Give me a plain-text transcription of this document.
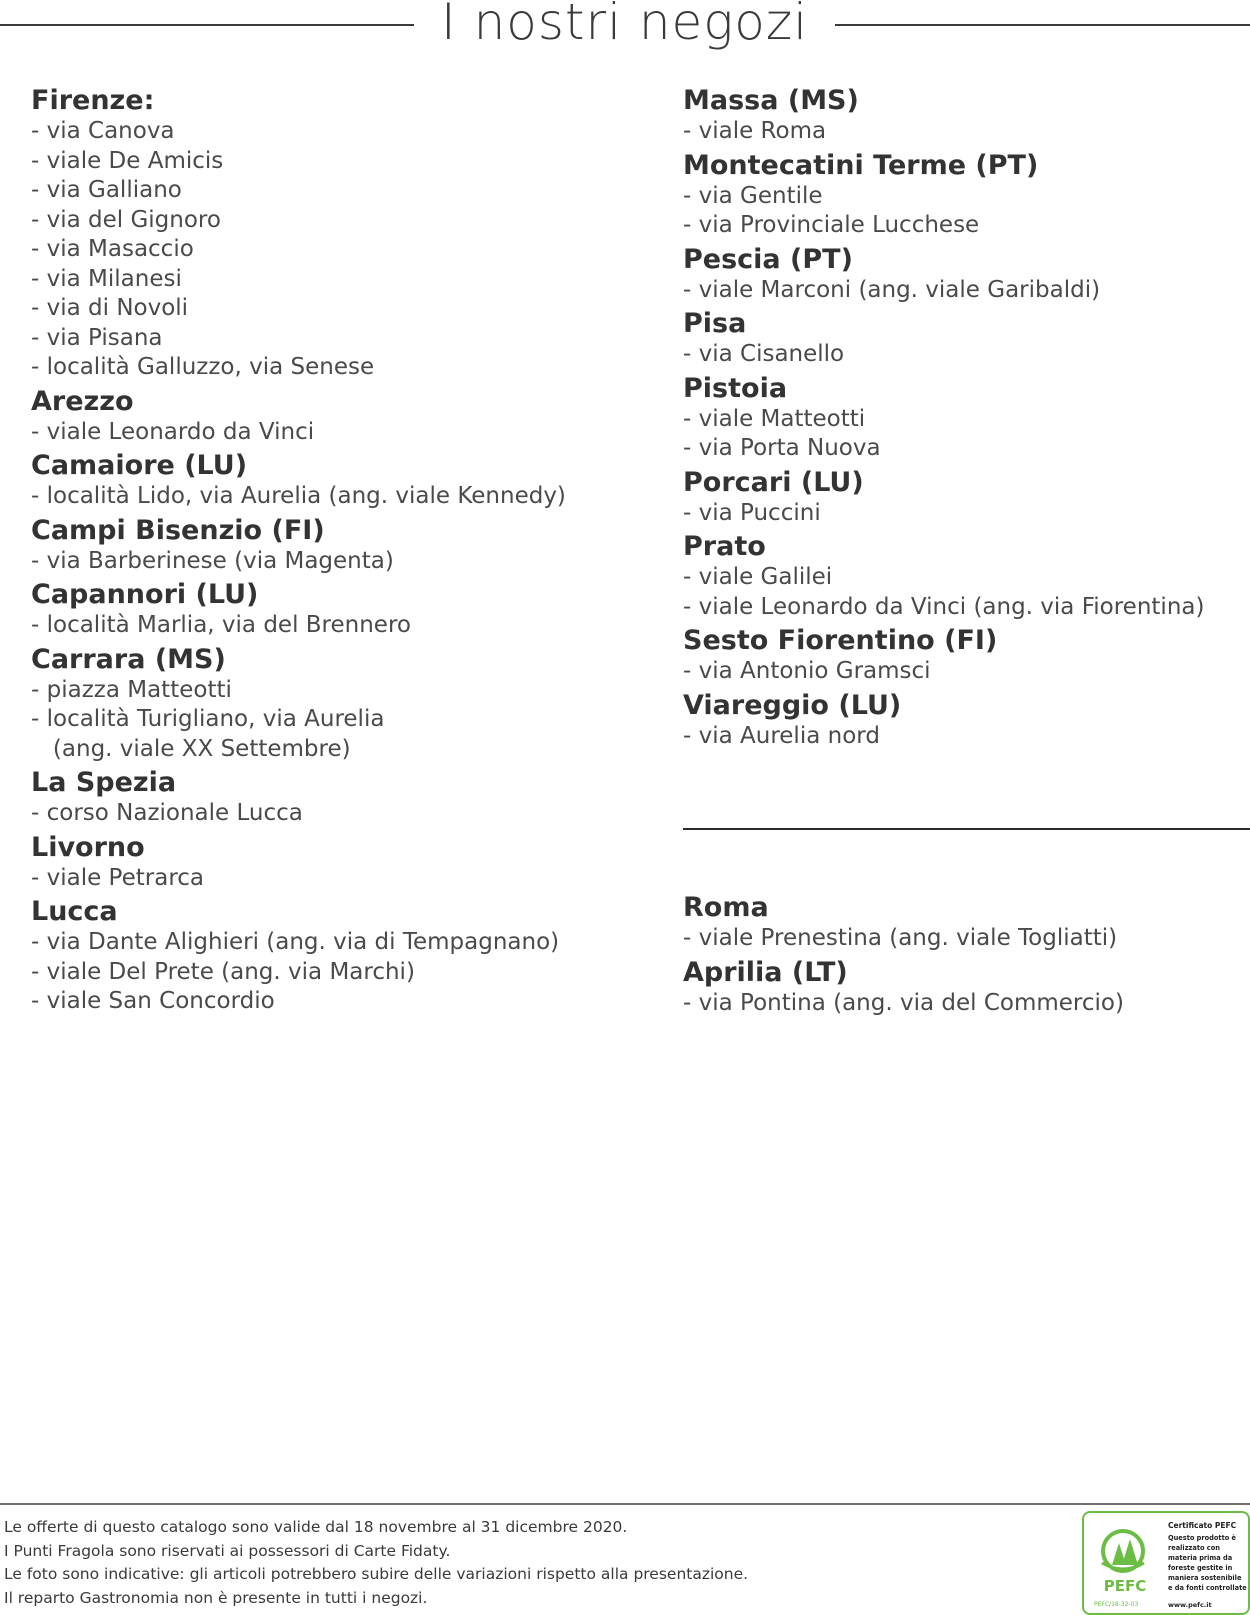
I nostri negozi
Firenze:
- via Canova
- viale De Amicis
- via Galliano
- via del Gignoro
- via Masaccio
- via Milanesi
- via di Novoli
- via Pisana
- località Galluzzo, via Senese
Arezzo
- viale Leonardo da Vinci
Camaiore (LU)
- località Lido, via Aurelia (ang. viale Kennedy)
Campi Bisenzio (FI)
- via Barberinese (via Magenta)
Capannori (LU)
- località Marlia, via del Brennero
Carrara (MS)
- piazza Matteotti
- località Turigliano, via Aurelia
(ang. viale XX Settembre)
La Spezia
- corso Nazionale Lucca
Livorno
- viale Petrarca
Lucca
- via Dante Alighieri (ang. via di Tempagnano)
- viale Del Prete (ang. via Marchi)
- viale San Concordio
Massa (MS)
- viale Roma
Montecatini Terme (PT)
- via Gentile
- via Provinciale Lucchese
Pescia (PT)
- viale Marconi (ang. viale Garibaldi)
Pisa
- via Cisanello
Pistoia
- viale Matteotti
- via Porta Nuova
Porcari (LU)
- via Puccini
Prato
- viale Galilei
- viale Leonardo da Vinci (ang. via Fiorentina)
Sesto Fiorentino (FI)
- via Antonio Gramsci
Viareggio (LU)
- via Aurelia nord
Roma
- viale Prenestina (ang. viale Togliatti)
Aprilia (LT)
- via Pontina (ang. via del Commercio)
Le offerte di questo catalogo sono valide dal 18 novembre al 31 dicembre 2020.
I Punti Fragola sono riservati ai possessori di Carte Fidaty.
Le foto sono indicative: gli articoli potrebbero subire delle variazioni rispetto alla presentazione.
Il reparto Gastronomia non è presente in tutti i negozi.
PEFC
PEFC/18-32-03
Certificato PEFC
Questo prodotto è realizzato con materia prima da foreste gestite in maniera sostenibile e da fonti controllate
www.pefc.it
